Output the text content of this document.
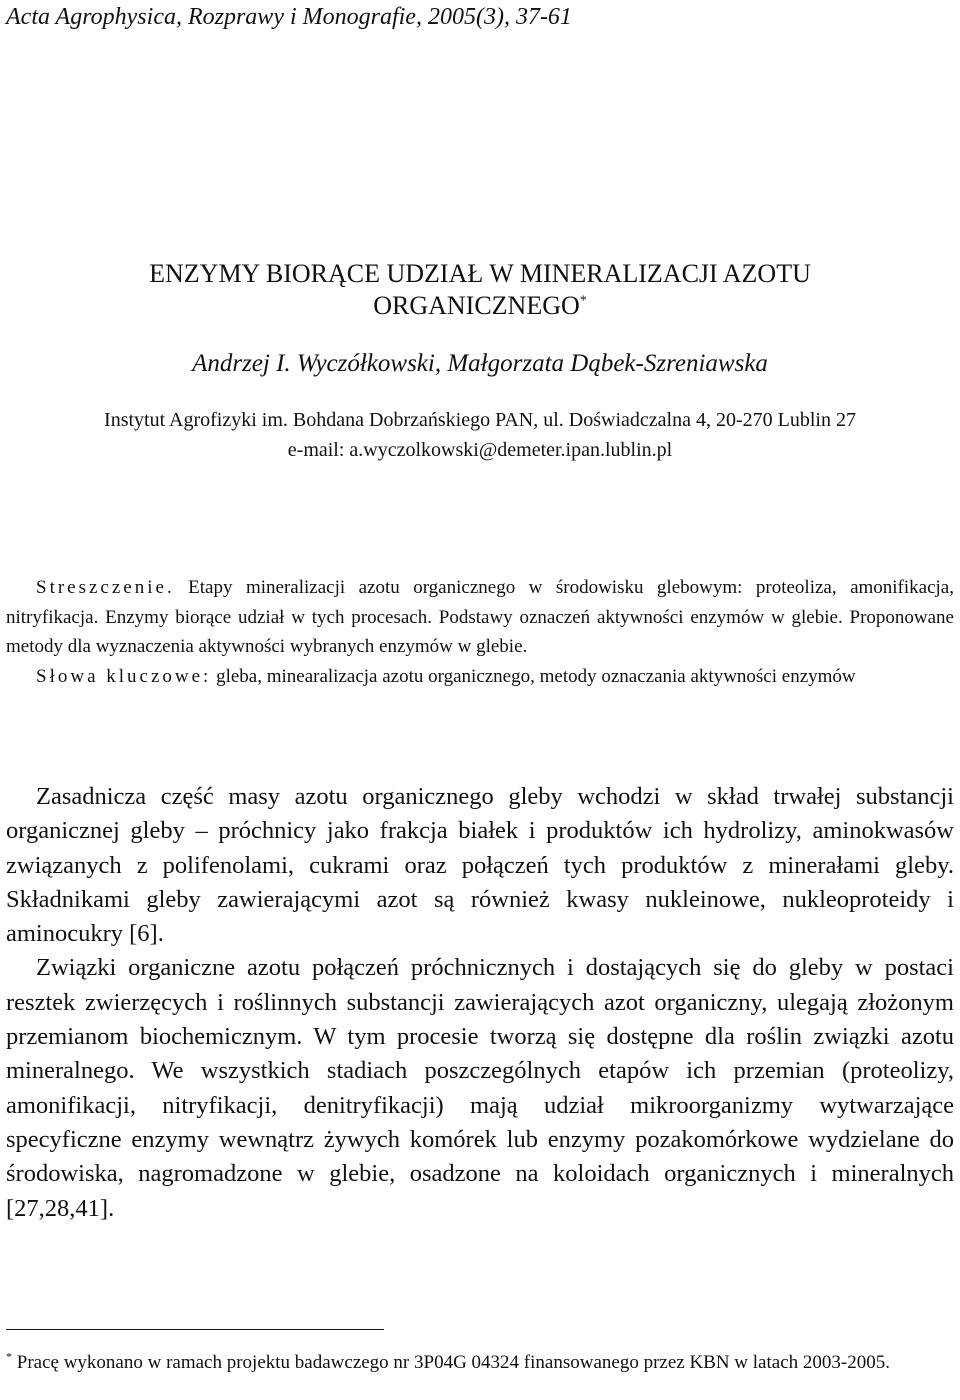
Acta Agrophysica, Rozprawy i Monografie, 2005(3), 37-61
ENZYMY BIORĄCE UDZIAŁ W MINERALIZACJI AZOTU
ORGANICZNEGO*
Andrzej I. Wyczółkowski, Małgorzata Dąbek-Szreniawska
Instytut Agrofizyki im. Bohdana Dobrzańskiego PAN, ul. Doświadczalna 4, 20-270 Lublin 27
e-mail: a.wyczolkowski@demeter.ipan.lublin.pl

Streszczenie. Etapy mineralizacji azotu organicznego w środowisku glebowym: proteoliza, amonifikacja, nitryfikacja. Enzymy biorące udział w tych procesach. Podstawy oznaczeń aktywności enzymów w glebie. Proponowane metody dla wyznaczenia aktywności wybranych enzymów w glebie.

Słowa kluczowe: gleba, minearalizacja azotu organicznego, metody oznaczania aktywności enzymów

Zasadnicza część masy azotu organicznego gleby wchodzi w skład trwałej substancji organicznej gleby – próchnicy jako frakcja białek i produktów ich hydrolizy, aminokwasów związanych z polifenolami, cukrami oraz połączeń tych produktów z minerałami gleby. Składnikami gleby zawierającymi azot są również kwasy nukleinowe, nukleoproteidy i aminocukry [6].

Związki organiczne azotu połączeń próchnicznych i dostających się do gleby w postaci resztek zwierzęcych i roślinnych substancji zawierających azot organiczny, ulegają złożonym przemianom biochemicznym. W tym procesie tworzą się dostępne dla roślin związki azotu mineralnego. We wszystkich stadiach poszczególnych etapów ich przemian (proteolizy, amonifikacji, nitryfikacji, denitryfikacji) mają udział mikroorganizmy wytwarzające specyficzne enzymy wewnątrz żywych komórek lub enzymy pozakomórkowe wydzielane do środowiska, nagromadzone w glebie, osadzone na koloidach organicznych i mineralnych [27,28,41].

* Pracę wykonano w ramach projektu badawczego nr 3P04G 04324 finansowanego przez KBN w latach 2003-2005.
